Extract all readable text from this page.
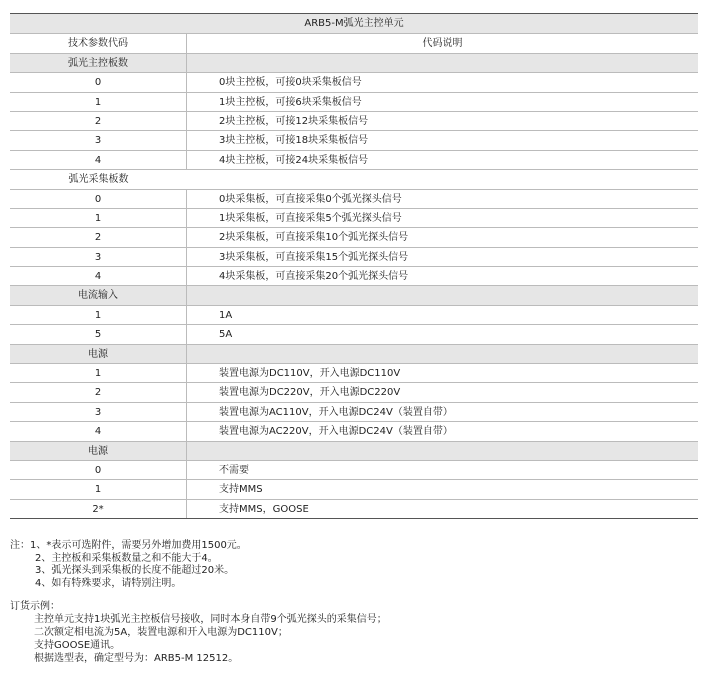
ARB5-M弧光主控单元
技术参数代码	代码说明
弧光主控板数
0	0块主控板，可接0块采集板信号
1	1块主控板，可接6块采集板信号
2	2块主控板，可接12块采集板信号
3	3块主控板，可接18块采集板信号
4	4块主控板，可接24块采集板信号
弧光采集板数
0	0块采集板，可直接采集0个弧光探头信号
1	1块采集板，可直接采集5个弧光探头信号
2	2块采集板，可直接采集10个弧光探头信号
3	3块采集板，可直接采集15个弧光探头信号
4	4块采集板，可直接采集20个弧光探头信号
电流输入
1	1A
5	5A
电源
1	装置电源为DC110V，开入电源DC110V
2	装置电源为DC220V，开入电源DC220V
3	装置电源为AC110V，开入电源DC24V（装置自带）
4	装置电源为AC220V，开入电源DC24V（装置自带）
电源
0	不需要
1	支持MMS
2*	支持MMS，GOOSE
注：1、*表示可选附件，需要另外增加费用1500元。
2、主控板和采集板数量之和不能大于4。
3、弧光探头到采集板的长度不能超过20米。
4、如有特殊要求，请特别注明。
订货示例：
主控单元支持1块弧光主控板信号接收，同时本身自带9个弧光探头的采集信号；
二次额定相电流为5A，装置电源和开入电源为DC110V；
支持GOOSE通讯。
根据选型表，确定型号为：ARB5-M 12512。
